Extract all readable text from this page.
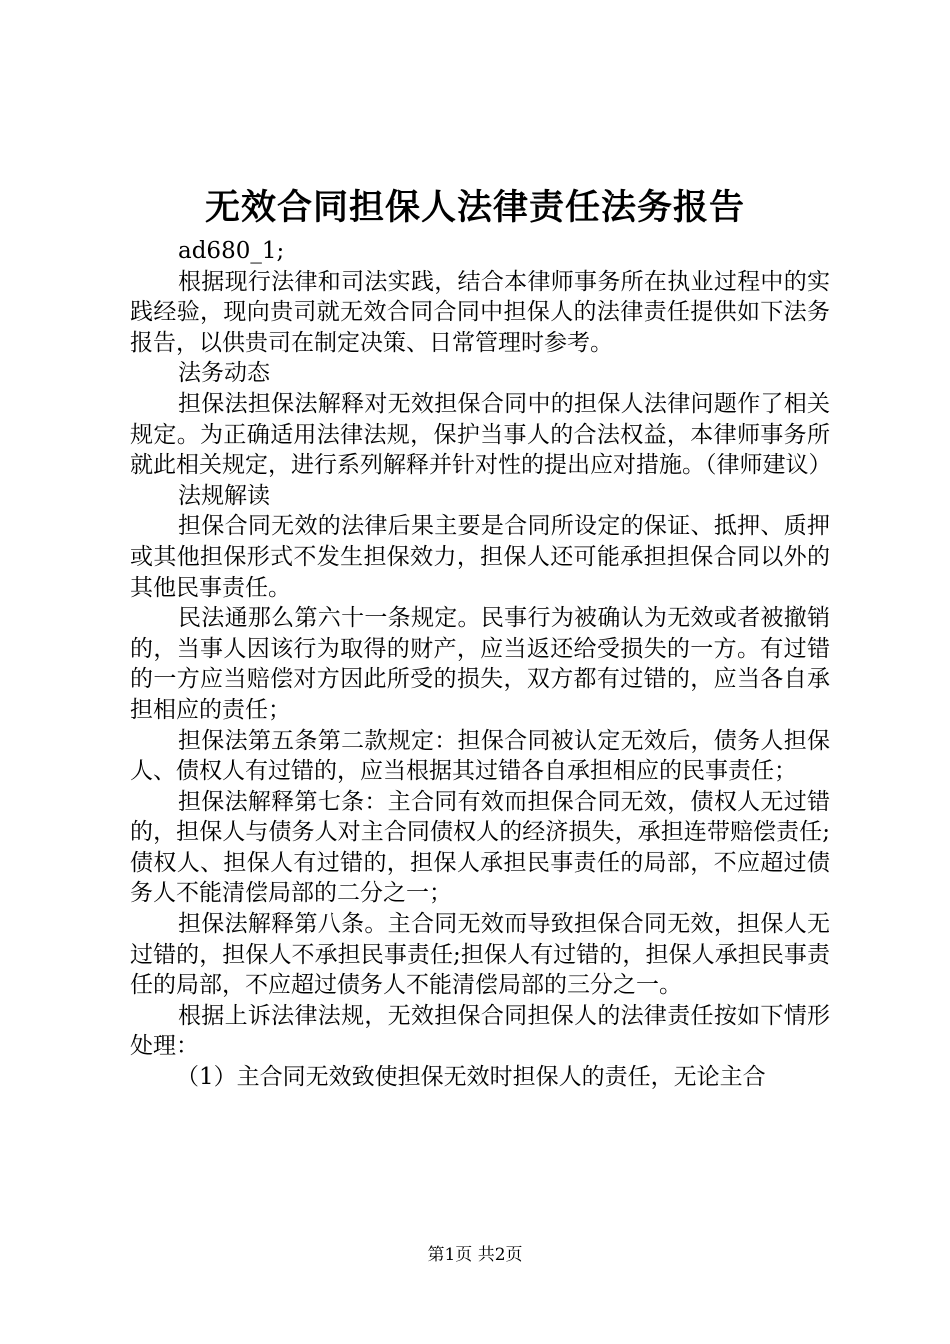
无效合同担保人法律责任法务报告

ad680_1;

根据现行法律和司法实践，结合本律师事务所在执业过程中的实践经验，现向贵司就无效合同合同中担保人的法律责任提供如下法务报告，以供贵司在制定决策、日常管理时参考。

法务动态

担保法担保法解释对无效担保合同中的担保人法律问题作了相关规定。为正确适用法律法规，保护当事人的合法权益，本律师事务所就此相关规定，进行系列解释并针对性的提出应对措施。（律师建议）

法规解读

担保合同无效的法律后果主要是合同所设定的保证、抵押、质押或其他担保形式不发生担保效力，担保人还可能承担担保合同以外的其他民事责任。

民法通那么第六十一条规定。民事行为被确认为无效或者被撤销的，当事人因该行为取得的财产，应当返还给受损失的一方。有过错的一方应当赔偿对方因此所受的损失，双方都有过错的，应当各自承担相应的责任；

担保法第五条第二款规定：担保合同被认定无效后，债务人担保人、债权人有过错的，应当根据其过错各自承担相应的民事责任；

担保法解释第七条：主合同有效而担保合同无效，债权人无过错的，担保人与债务人对主合同债权人的经济损失，承担连带赔偿责任;债权人、担保人有过错的，担保人承担民事责任的局部，不应超过债务人不能清偿局部的二分之一；

担保法解释第八条。主合同无效而导致担保合同无效，担保人无过错的，担保人不承担民事责任;担保人有过错的，担保人承担民事责任的局部，不应超过债务人不能清偿局部的三分之一。

根据上诉法律法规，无效担保合同担保人的法律责任按如下情形处理：

（1）主合同无效致使担保无效时担保人的责任，无论主合

第1页 共2页
